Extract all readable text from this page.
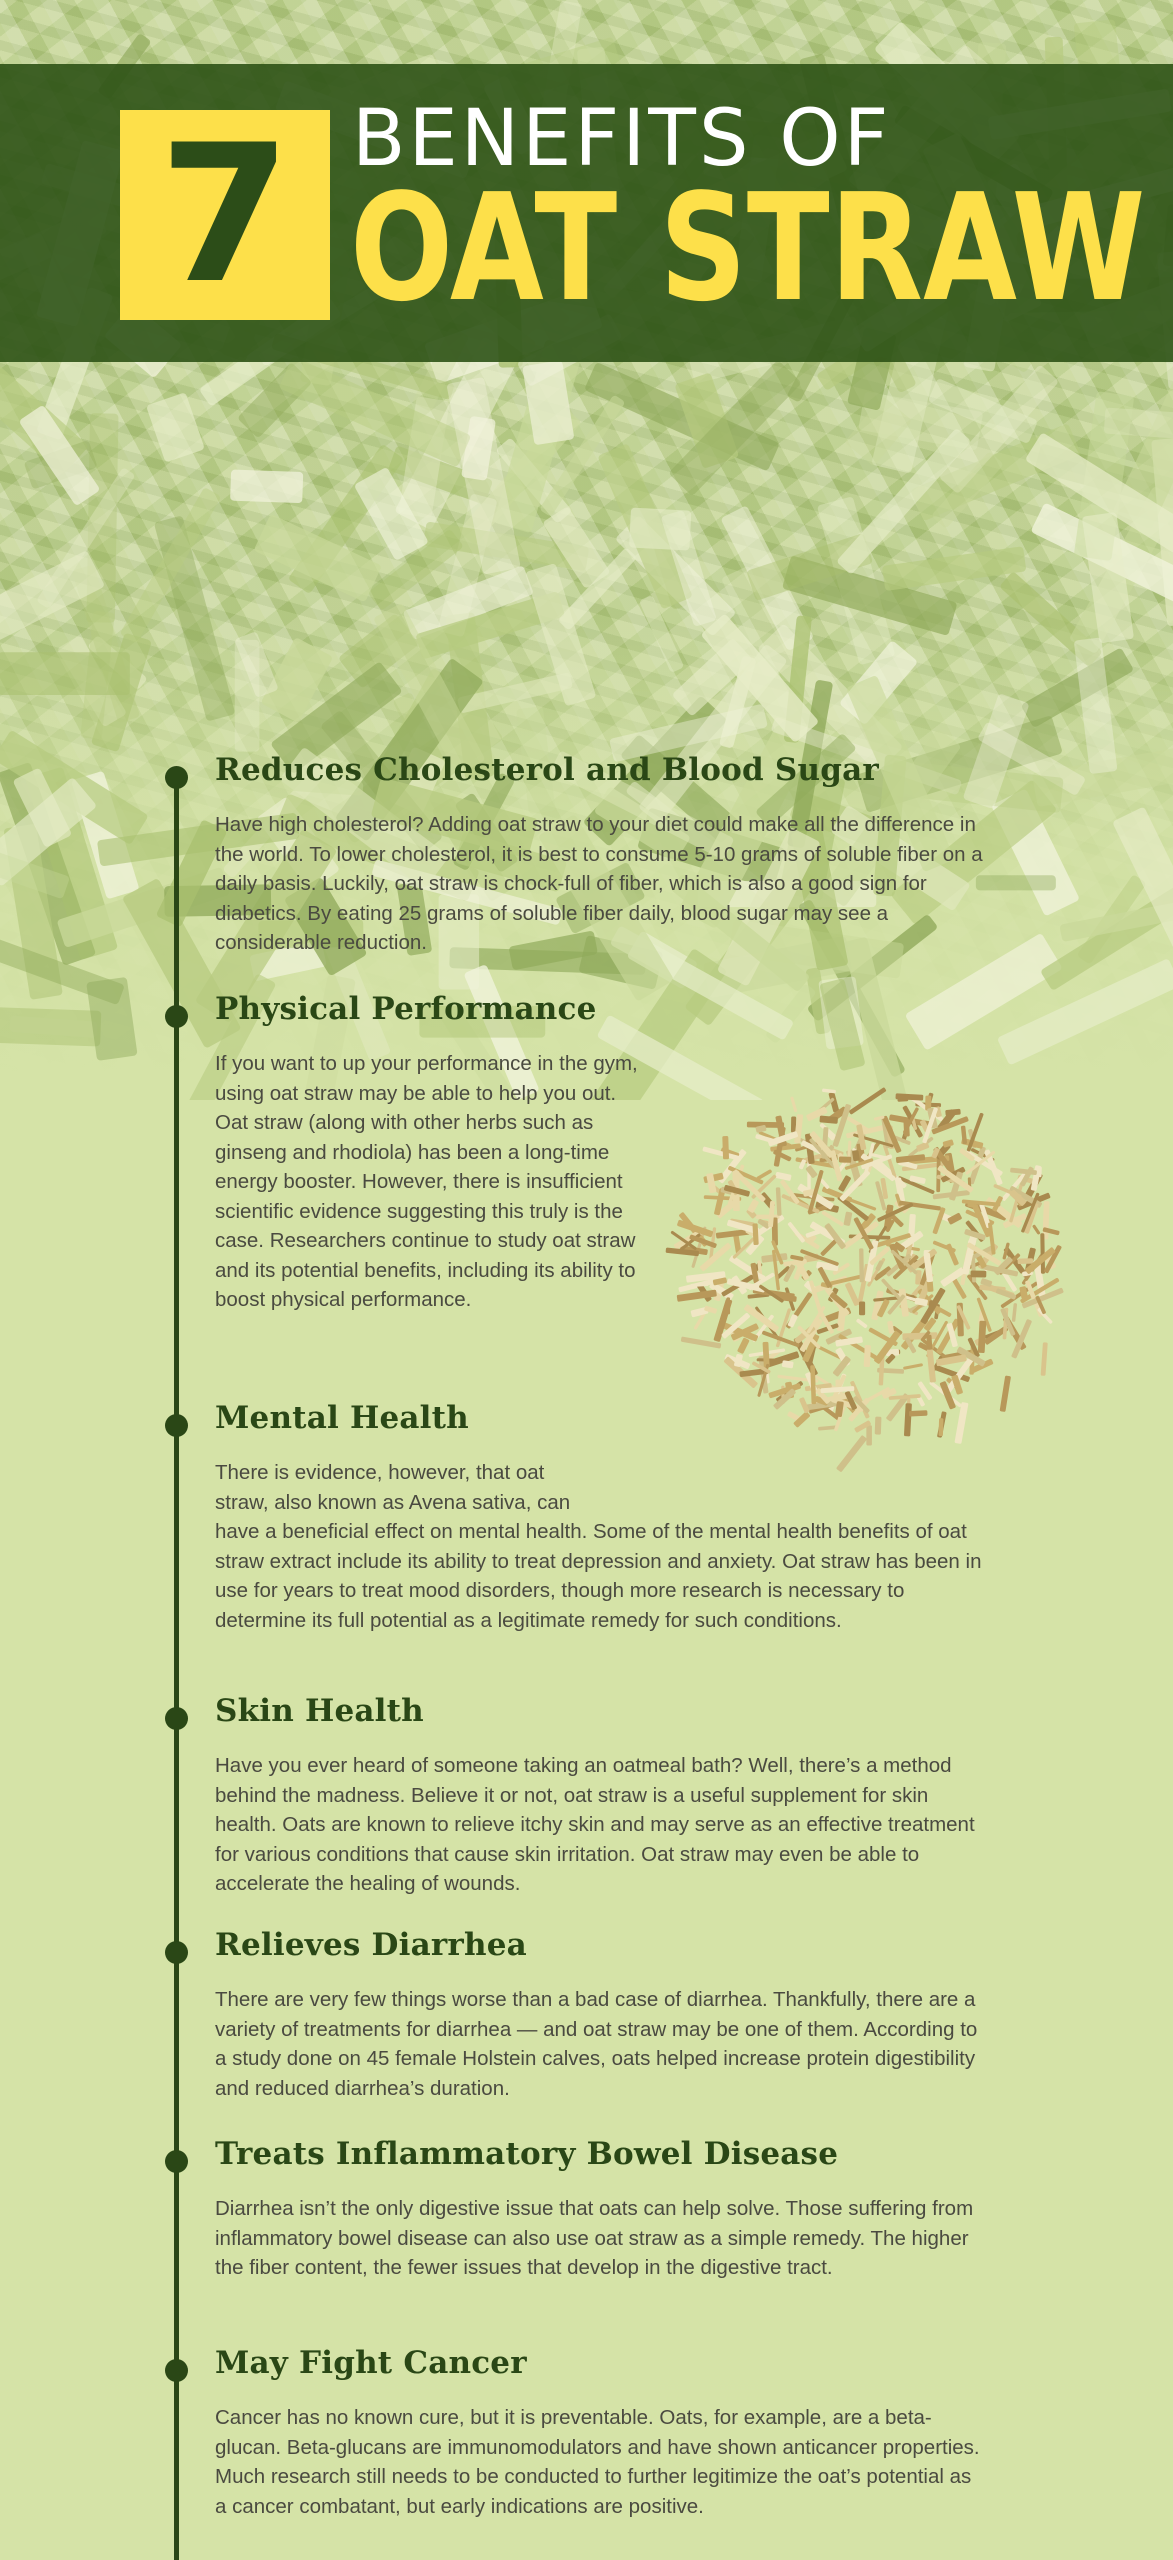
7 BENEFITS OF
OAT STRAW
Reduces Cholesterol and Blood Sugar

Have high cholesterol? Adding oat straw to your diet could make all the difference in the world. To lower cholesterol, it is best to consume 5-10 grams of soluble fiber on a daily basis. Luckily, oat straw is chock-full of fiber, which is also a good sign for diabetics. By eating 25 grams of soluble fiber daily, blood sugar may see a considerable reduction.

Physical Performance

If you want to up your performance in the gym, using oat straw may be able to help you out. Oat straw (along with other herbs such as ginseng and rhodiola) has been a long-time energy booster. However, there is insufficient scientific evidence suggesting this truly is the case. Researchers continue to study oat straw and its potential benefits, including its ability to boost physical performance.

Mental Health

There is evidence, however, that oat
straw, also known as Avena sativa, can
have a beneficial effect on mental health. Some of the mental health benefits of oat straw extract include its ability to treat depression and anxiety. Oat straw has been in use for years to treat mood disorders, though more research is necessary to determine its full potential as a legitimate remedy for such conditions.

Skin Health

Have you ever heard of someone taking an oatmeal bath? Well, there’s a method behind the madness. Believe it or not, oat straw is a useful supplement for skin health. Oats are known to relieve itchy skin and may serve as an effective treatment for various conditions that cause skin irritation. Oat straw may even be able to accelerate the healing of wounds.

Relieves Diarrhea

There are very few things worse than a bad case of diarrhea. Thankfully, there are a variety of treatments for diarrhea — and oat straw may be one of them. According to a study done on 45 female Holstein calves, oats helped increase protein digestibility and reduced diarrhea’s duration.

Treats Inflammatory Bowel Disease

Diarrhea isn’t the only digestive issue that oats can help solve. Those suffering from inflammatory bowel disease can also use oat straw as a simple remedy. The higher the fiber content, the fewer issues that develop in the digestive tract.

May Fight Cancer

Cancer has no known cure, but it is preventable. Oats, for example, are a beta-glucan. Beta-glucans are immunomodulators and have shown anticancer properties. Much research still needs to be conducted to further legitimize the oat’s potential as a cancer combatant, but early indications are positive.
